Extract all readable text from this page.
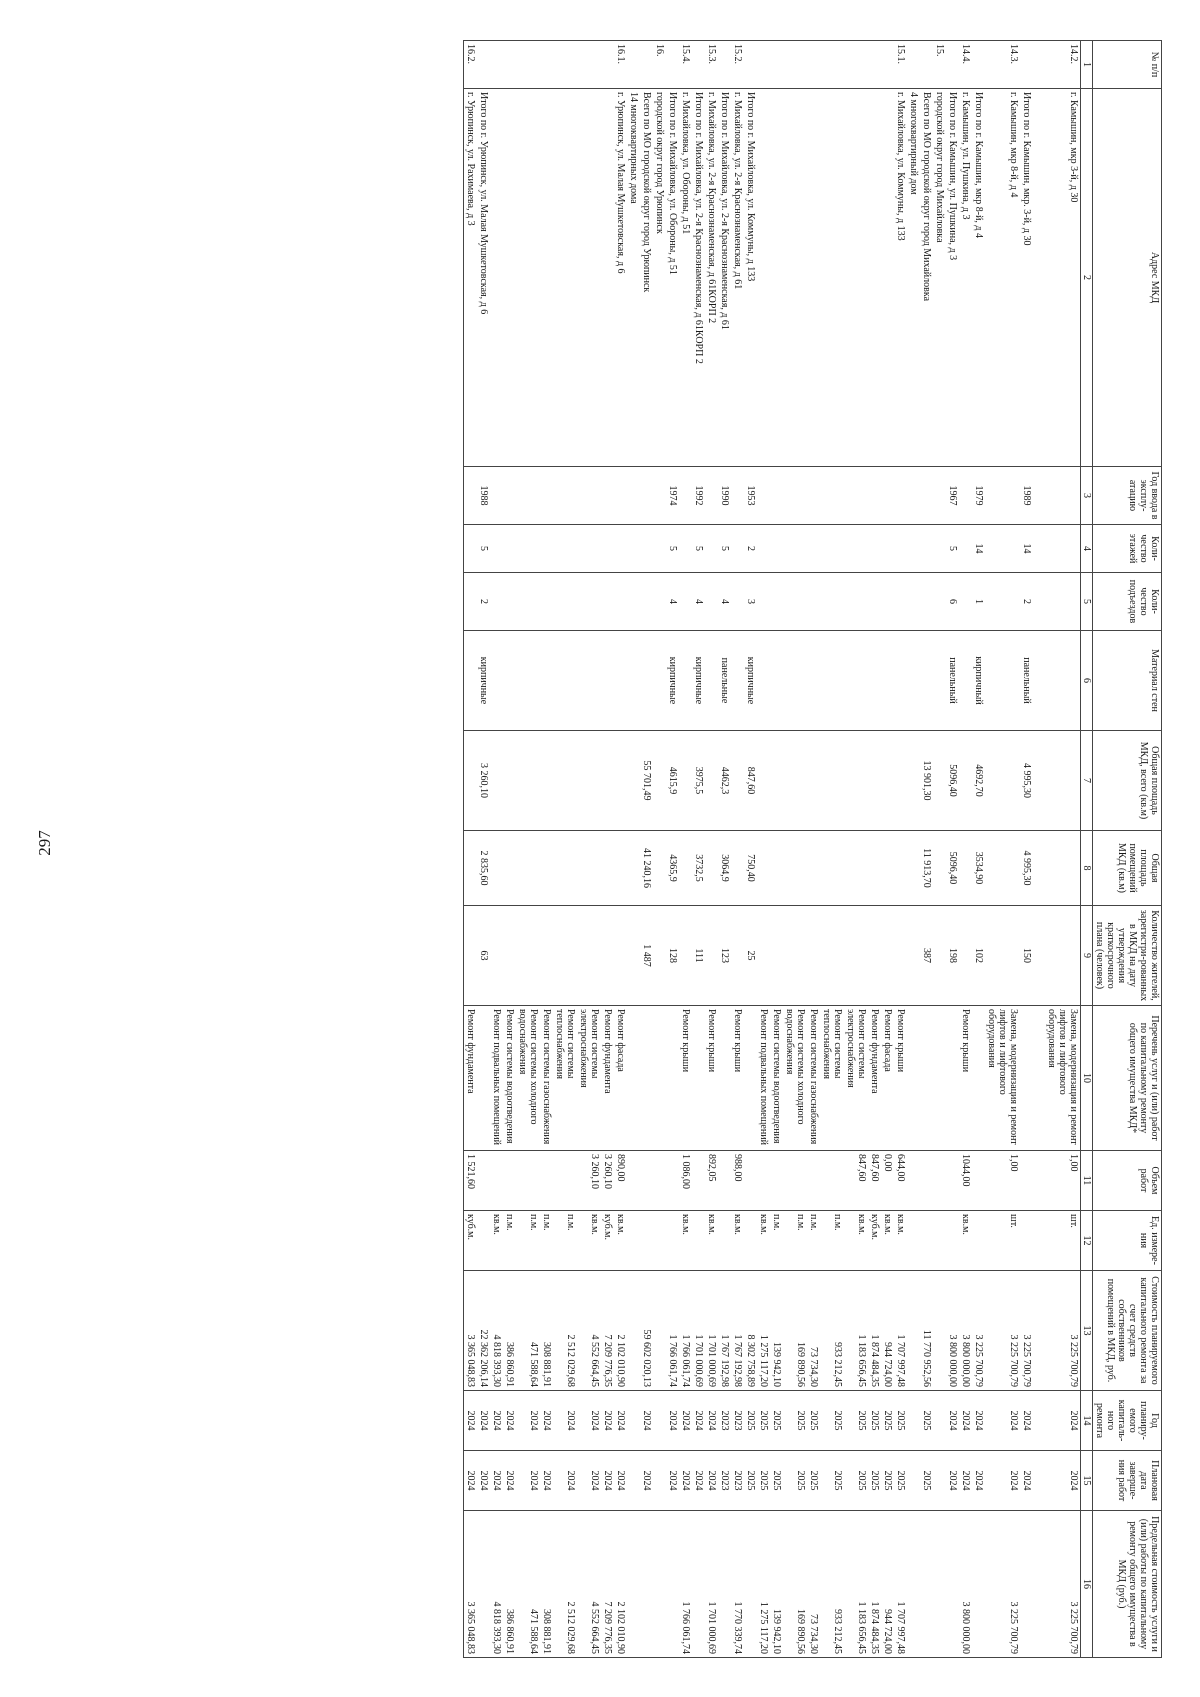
297
№ п/п	Адрес МКД	Год ввода в эксплу-атацию	Коли-чество этажей	Коли-чество подъездов	Материал стен	Общая площадь МКД, всего (кв.м)	Общая площадь помещений МКД (кв.м)	Количество жителей, зарегистри-рованных в МКД на дату утверждения краткосрочного плана (человек)	Перечень услуг и (или) работ по капитальному ремонту общего имущества МКД*	Объем работ	Ед. измере-ния	Стоимость планируемого капитального ремонта за счет средств собственников помещений в МКД, руб.	Год планиру-емого капиталь-ного ремонта	Плановая дата заверше-ния работ	Предельная стоимость услуги и (или) работы по капитальному ремонту общего имущества в МКД (руб.)
1	2	3	4	5	6	7	8	9	10	11	12	13	14	15	16
14.2.	г. Камышин, мкр 3-й, д 30								Замена, модернизация и ремонт лифтов и лифтового оборудования	1,00	шт.	3 225 700,79	2024	2024	3 225 700,79

	Итого по г. Камышин, мкр. 3-й, д 30	1989	14	2	панельный	4 995,30	4 995,30	150				3 225 700,79	2024	2024	
14.3.	г. Камышин, мкр 8-й, д 4								Замена, модернизация и ремонт лифтов и лифтового оборудования	1,00	шт.	3 225 700,79	2024	2024	3 225 700,79
	Итого по г. Камышин, мкр 8-й, д 4	1979	14	1	кирпичный	4692,70	3534,90	102				3 225 700,79	2024	2024	
14.4.	г. Камышин, ул. Пушкина, д 3								Ремонт крыши	1044,00	кв.м.	3 800 000,00	2024	2024	3 800 000,00
	Итого по г. Камышин, ул. Пушкина, д 3	1967	5	6	панельный	5096,40	5096,40	198				3 800 000,00	2024	2024	
15.	городской округ город Михайловка														
	Всего по МО городской округ город Михайловка					13 901,30	11 913,70	387				11 770 952,56	2025	2025	
	4 многоквартирный дом														
15.1.	г. Михайловка, ул. Коммуны, д 133								Ремонт крыши	644,00	кв.м.	1 707 997,48	2025	2025	1 707 997,48
									Ремонт фасада	0,00	кв.м.	944 724,00	2025	2025	944 724,00
									Ремонт фундамента	847,60	куб.м.	1 874 484,35	2025	2025	1 874 484,35
									Ремонт системы электроснабжения	847,60	кв.м.	1 183 656,45	2025	2025	1 183 656,45
									Ремонт системы теплоснабжения		п.м.	933 212,45	2025	2025	933 212,45
									Ремонт системы газоснабжения		п.м.	73 734,30	2025	2025	73 734,30
									Ремонт системы холодного водоснабжения		п.м.	169 890,56	2025	2025	169 890,56
									Ремонт системы водоотведения		п.м.	139 942,10	2025	2025	139 942,10
									Ремонт подвальных помещений		кв.м.	1 275 117,20	2025	2025	1 275 117,20
	Итого по г. Михайловка, ул. Коммуны, д 133	1953	2	3	кирпичные	847,60	750,40	25				8 302 758,89	2025	2025	
15.2.	г. Михайловка, ул. 2-я Краснознаменская, д 61								Ремонт крыши	988,00	кв.м.	1 767 192,98	2023	2023	1 770 339,74
	Итого по г. Михайловка, ул. 2-я Краснознаменская, д 61	1990	5	4	панельные	4462,3	3064,9	123				1 767 192,98	2023	2023	
15.3.	г. Михайловка, ул. 2-я Краснознаменская, д 61КОРП 2								Ремонт крыши	892,05	кв.м.	1 701 000,69	2024	2024	1 701 000,69
	Итого по г. Михайловка, ул. 2-я Краснознаменская, д 61КОРП 2	1992	5	4	кирпичные	3975,5	3732,5	111				1 701 000,69	2024	2024	
15.4.	г. Михайловка, ул. Обороны, д 51								Ремонт крыши	1 086,00	кв.м.	1 766 061,74	2024	2024	1 766 061,74
	Итого по г. Михайловка, ул. Обороны, д 51	1974	5	4	кирпичные	4615,9	4365,9	128				1 766 061,74	2024	2024	
16.	городской округ город Урюпинск														
	Всего по МО городской округ город Урюпинск					55 701,49	41 240,16	1 487				59 602 020,13	2024	2024	
	14 многоквартирных дома														
16.1.	г. Урюпинск, ул. Малая Мушкетовская, д 6								Ремонт фасада	890,00	кв.м.	2 102 010,90	2024	2024	2 102 010,90
									Ремонт фундамента	3 260,10	куб.м.	7 209 776,35	2024	2024	7 209 776,35
									Ремонт системы электроснабжения	3 260,10	кв.м.	4 552 664,45	2024	2024	4 552 664,45
									Ремонт системы теплоснабжения		п.м.	2 512 029,68	2024	2024	2 512 029,68
									Ремонт системы газоснабжения		п.м.	308 881,91	2024	2024	308 881,91
									Ремонт системы холодного водоснабжения		п.м.	471 588,64	2024	2024	471 588,64
									Ремонт системы водоотведения		п.м.	386 860,91	2024	2024	386 860,91
									Ремонт подвальных помещений		кв.м.	4 818 393,30	2024	2024	4 818 393,30
	Итого по г. Урюпинск, ул. Малая Мушкетовская, д 6	1988	5	2	кирпичные	3 260,10	2 835,60	63				22 362 206,14	2024	2024	
16.2.	г. Урюпинск, ул. Рахимаева, д 3								Ремонт фундамента	1 521,60	куб.м.	3 365 048,83	2024	2024	3 365 048,83
